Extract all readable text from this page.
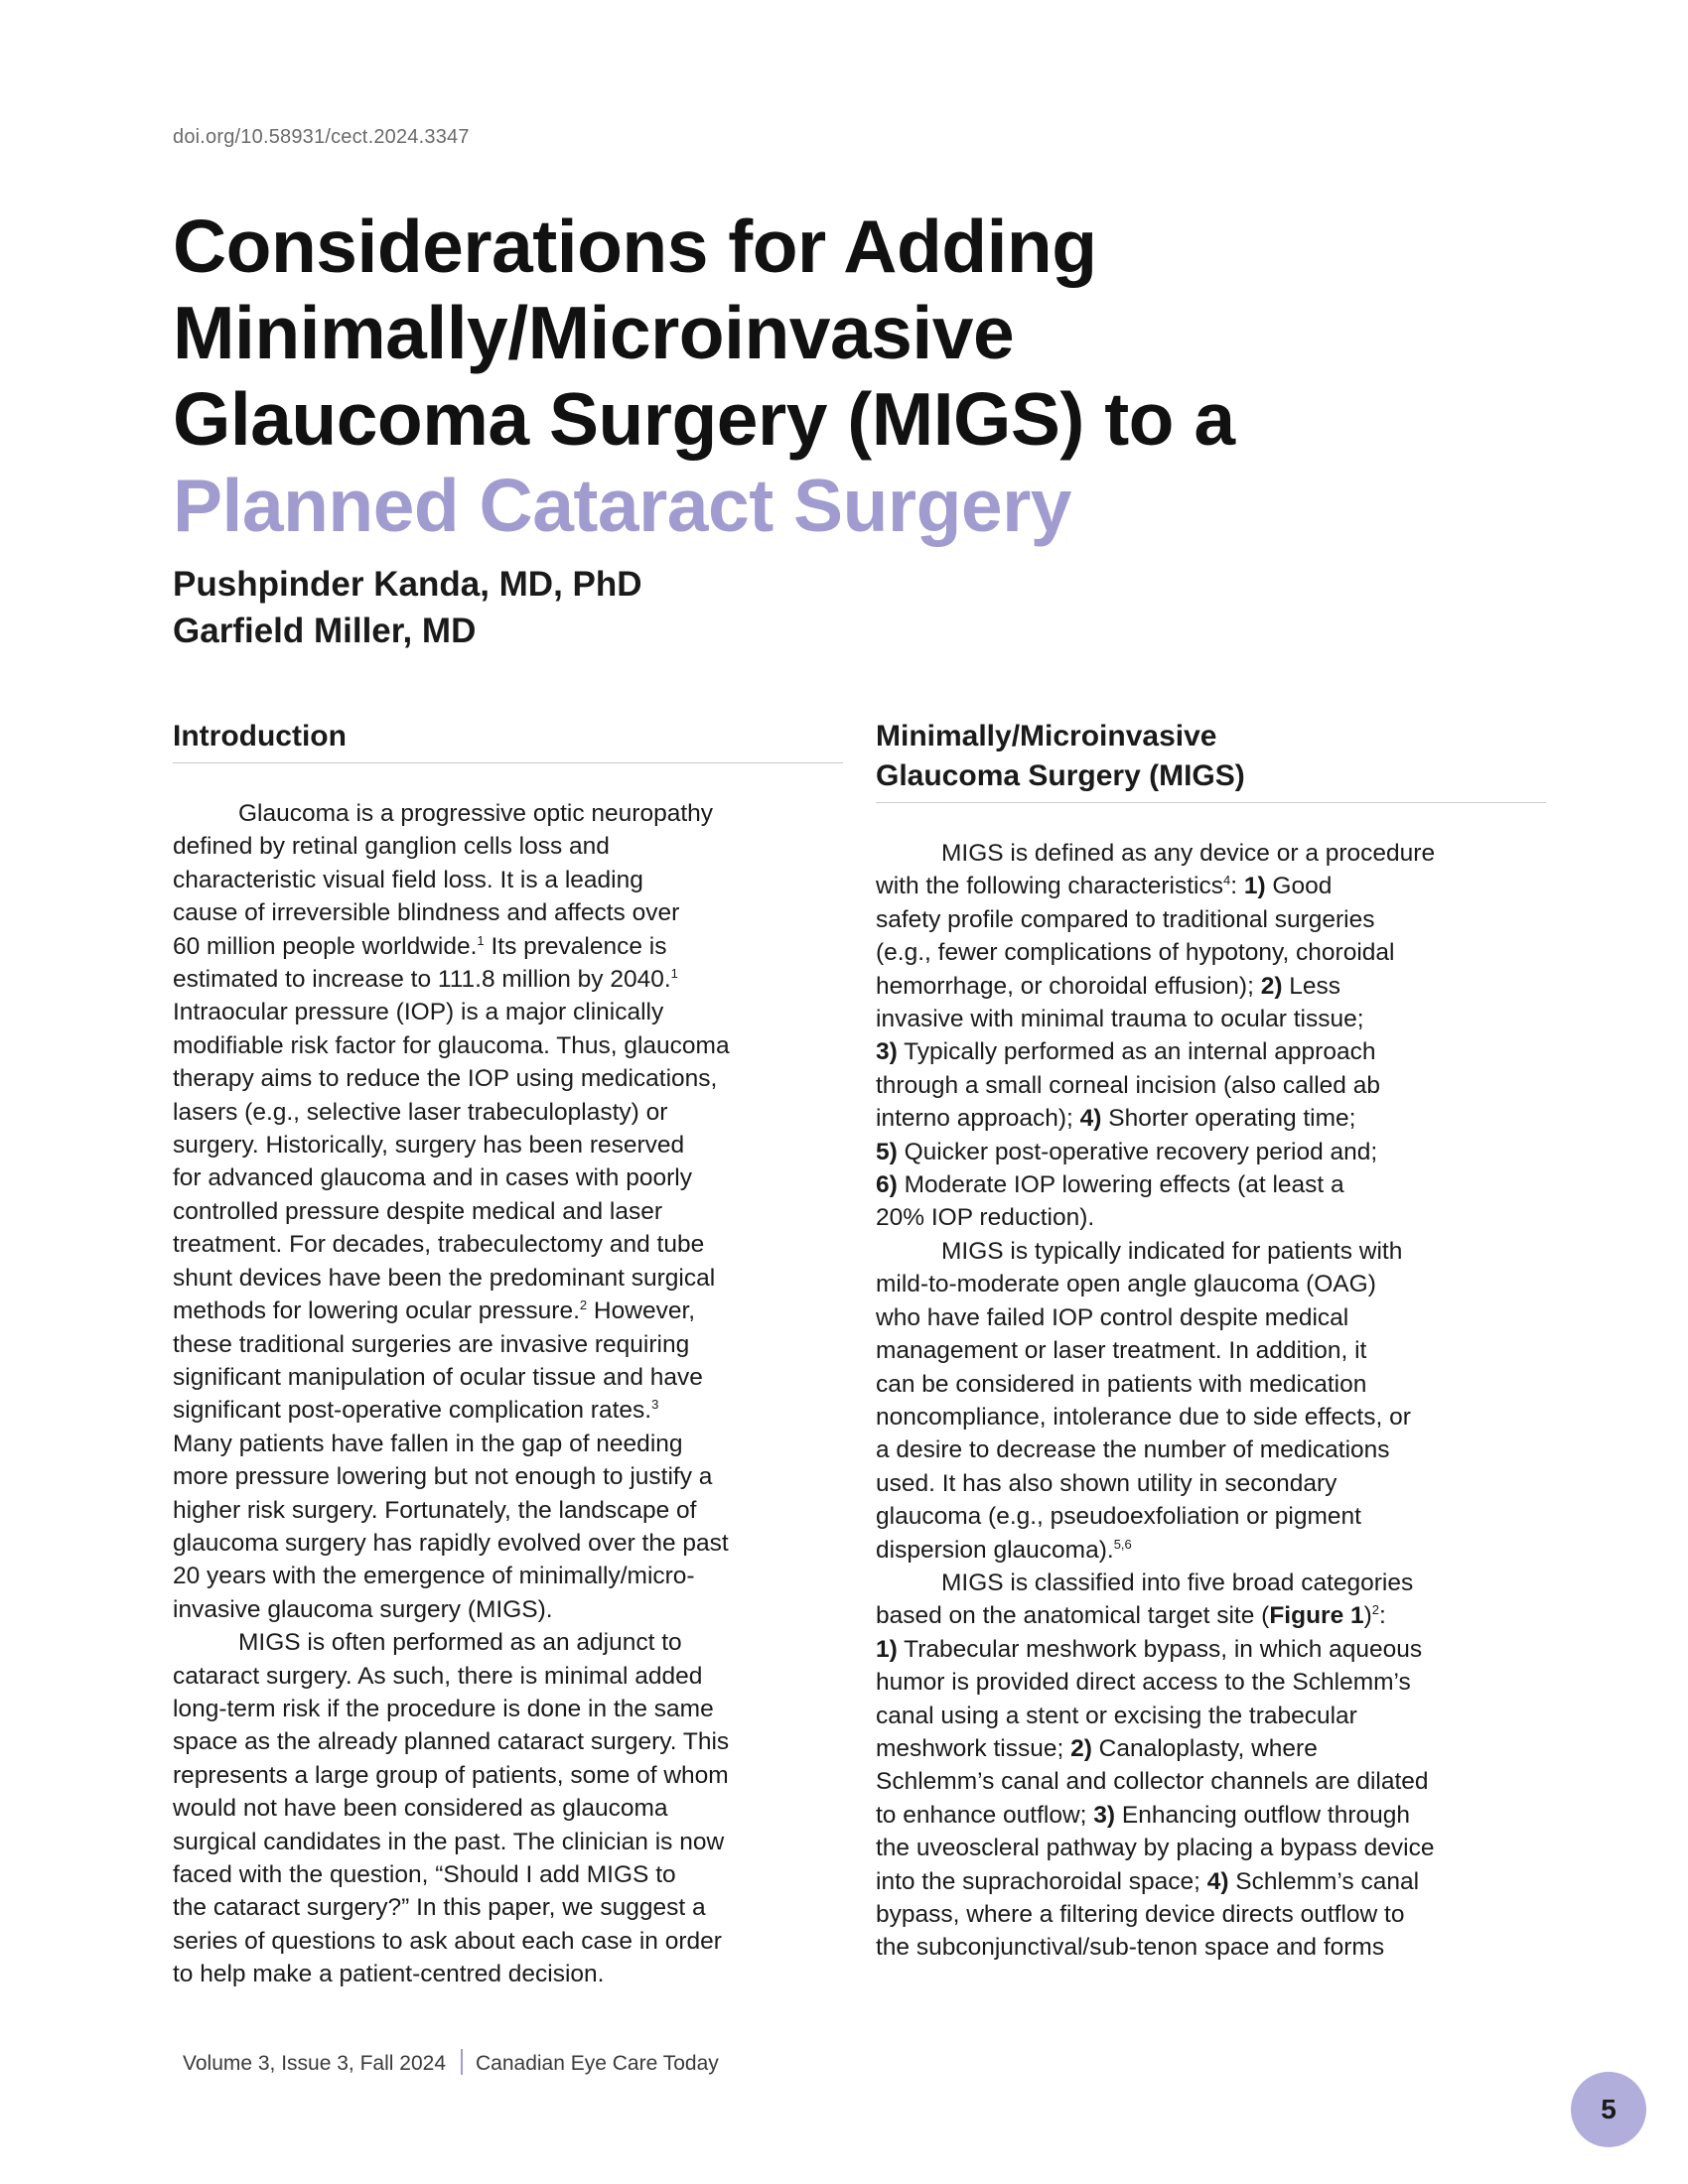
doi.org/10.58931/cect.2024.3347
Considerations for Adding
Minimally/Microinvasive
Glaucoma Surgery (MIGS) to a
Planned Cataract Surgery
Pushpinder Kanda, MD, PhD
Garfield Miller, MD
Introduction

Glaucoma is a progressive optic neuropathy
defined by retinal ganglion cells loss and
characteristic visual field loss. It is a leading
cause of irreversible blindness and affects over
60 million people worldwide.$^1$ Its prevalence is
estimated to increase to 111.8 million by 2040.$^1$
Intraocular pressure (IOP) is a major clinically
modifiable risk factor for glaucoma. Thus, glaucoma
therapy aims to reduce the IOP using medications,
lasers (e.g., selective laser trabeculoplasty) or
surgery. Historically, surgery has been reserved
for advanced glaucoma and in cases with poorly
controlled pressure despite medical and laser
treatment. For decades, trabeculectomy and tube
shunt devices have been the predominant surgical
methods for lowering ocular pressure.$^2$ However,
these traditional surgeries are invasive requiring
significant manipulation of ocular tissue and have
significant post-operative complication rates.$^3$
Many patients have fallen in the gap of needing
more pressure lowering but not enough to justify a
higher risk surgery. Fortunately, the landscape of
glaucoma surgery has rapidly evolved over the past
20 years with the emergence of minimally/micro-
invasive glaucoma surgery (MIGS).

MIGS is often performed as an adjunct to
cataract surgery. As such, there is minimal added
long-term risk if the procedure is done in the same
space as the already planned cataract surgery. This
represents a large group of patients, some of whom
would not have been considered as glaucoma
surgical candidates in the past. The clinician is now
faced with the question, “Should I add MIGS to
the cataract surgery?” In this paper, we suggest a
series of questions to ask about each case in order
to help make a patient-centred decision.

Minimally/Microinvasive
Glaucoma Surgery (MIGS)

MIGS is defined as any device or a procedure
with the following characteristics$^4$: 1) Good
safety profile compared to traditional surgeries
(e.g., fewer complications of hypotony, choroidal
hemorrhage, or choroidal effusion); 2) Less
invasive with minimal trauma to ocular tissue;
3) Typically performed as an internal approach
through a small corneal incision (also called ab
interno approach); 4) Shorter operating time;
5) Quicker post-operative recovery period and;
6) Moderate IOP lowering effects (at least a
20% IOP reduction).

MIGS is typically indicated for patients with
mild-to-moderate open angle glaucoma (OAG)
who have failed IOP control despite medical
management or laser treatment. In addition, it
can be considered in patients with medication
noncompliance, intolerance due to side effects, or
a desire to decrease the number of medications
used. It has also shown utility in secondary
glaucoma (e.g., pseudoexfoliation or pigment
dispersion glaucoma).$^{5,6}$

MIGS is classified into five broad categories
based on the anatomical target site (Figure 1)$^2$:
1) Trabecular meshwork bypass, in which aqueous
humor is provided direct access to the Schlemm’s
canal using a stent or excising the trabecular
meshwork tissue; 2) Canaloplasty, where
Schlemm’s canal and collector channels are dilated
to enhance outflow; 3) Enhancing outflow through
the uveoscleral pathway by placing a bypass device
into the suprachoroidal space; 4) Schlemm’s canal
bypass, where a filtering device directs outflow to
the subconjunctival/sub-tenon space and forms

Volume 3, Issue 3, Fall 2024 Canadian Eye Care Today
5
